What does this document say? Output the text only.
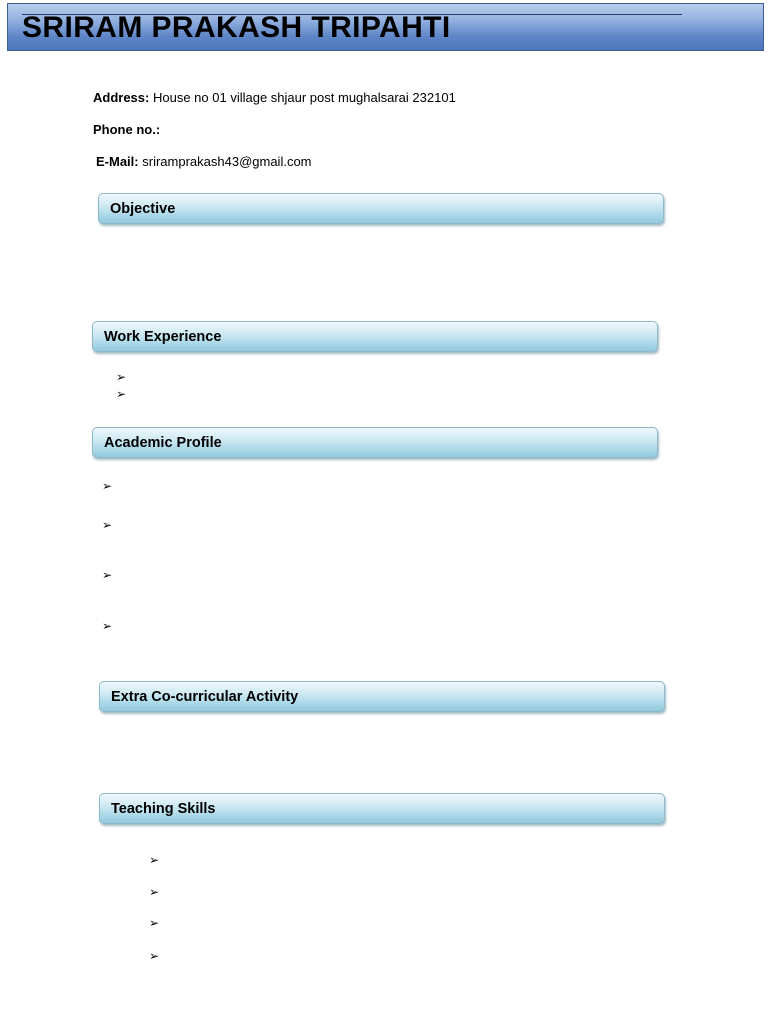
SRIRAM PRAKASH TRIPAHTI
Address: House no 01 village shjaur post mughalsarai 232101
Phone no.:
E-Mail: sriramprakash43@gmail.com
Objective
Work Experience
➢
➢
Academic Profile
➢
➢
➢
➢
Extra Co-curricular Activity
Teaching Skills
➢
➢
➢
➢
